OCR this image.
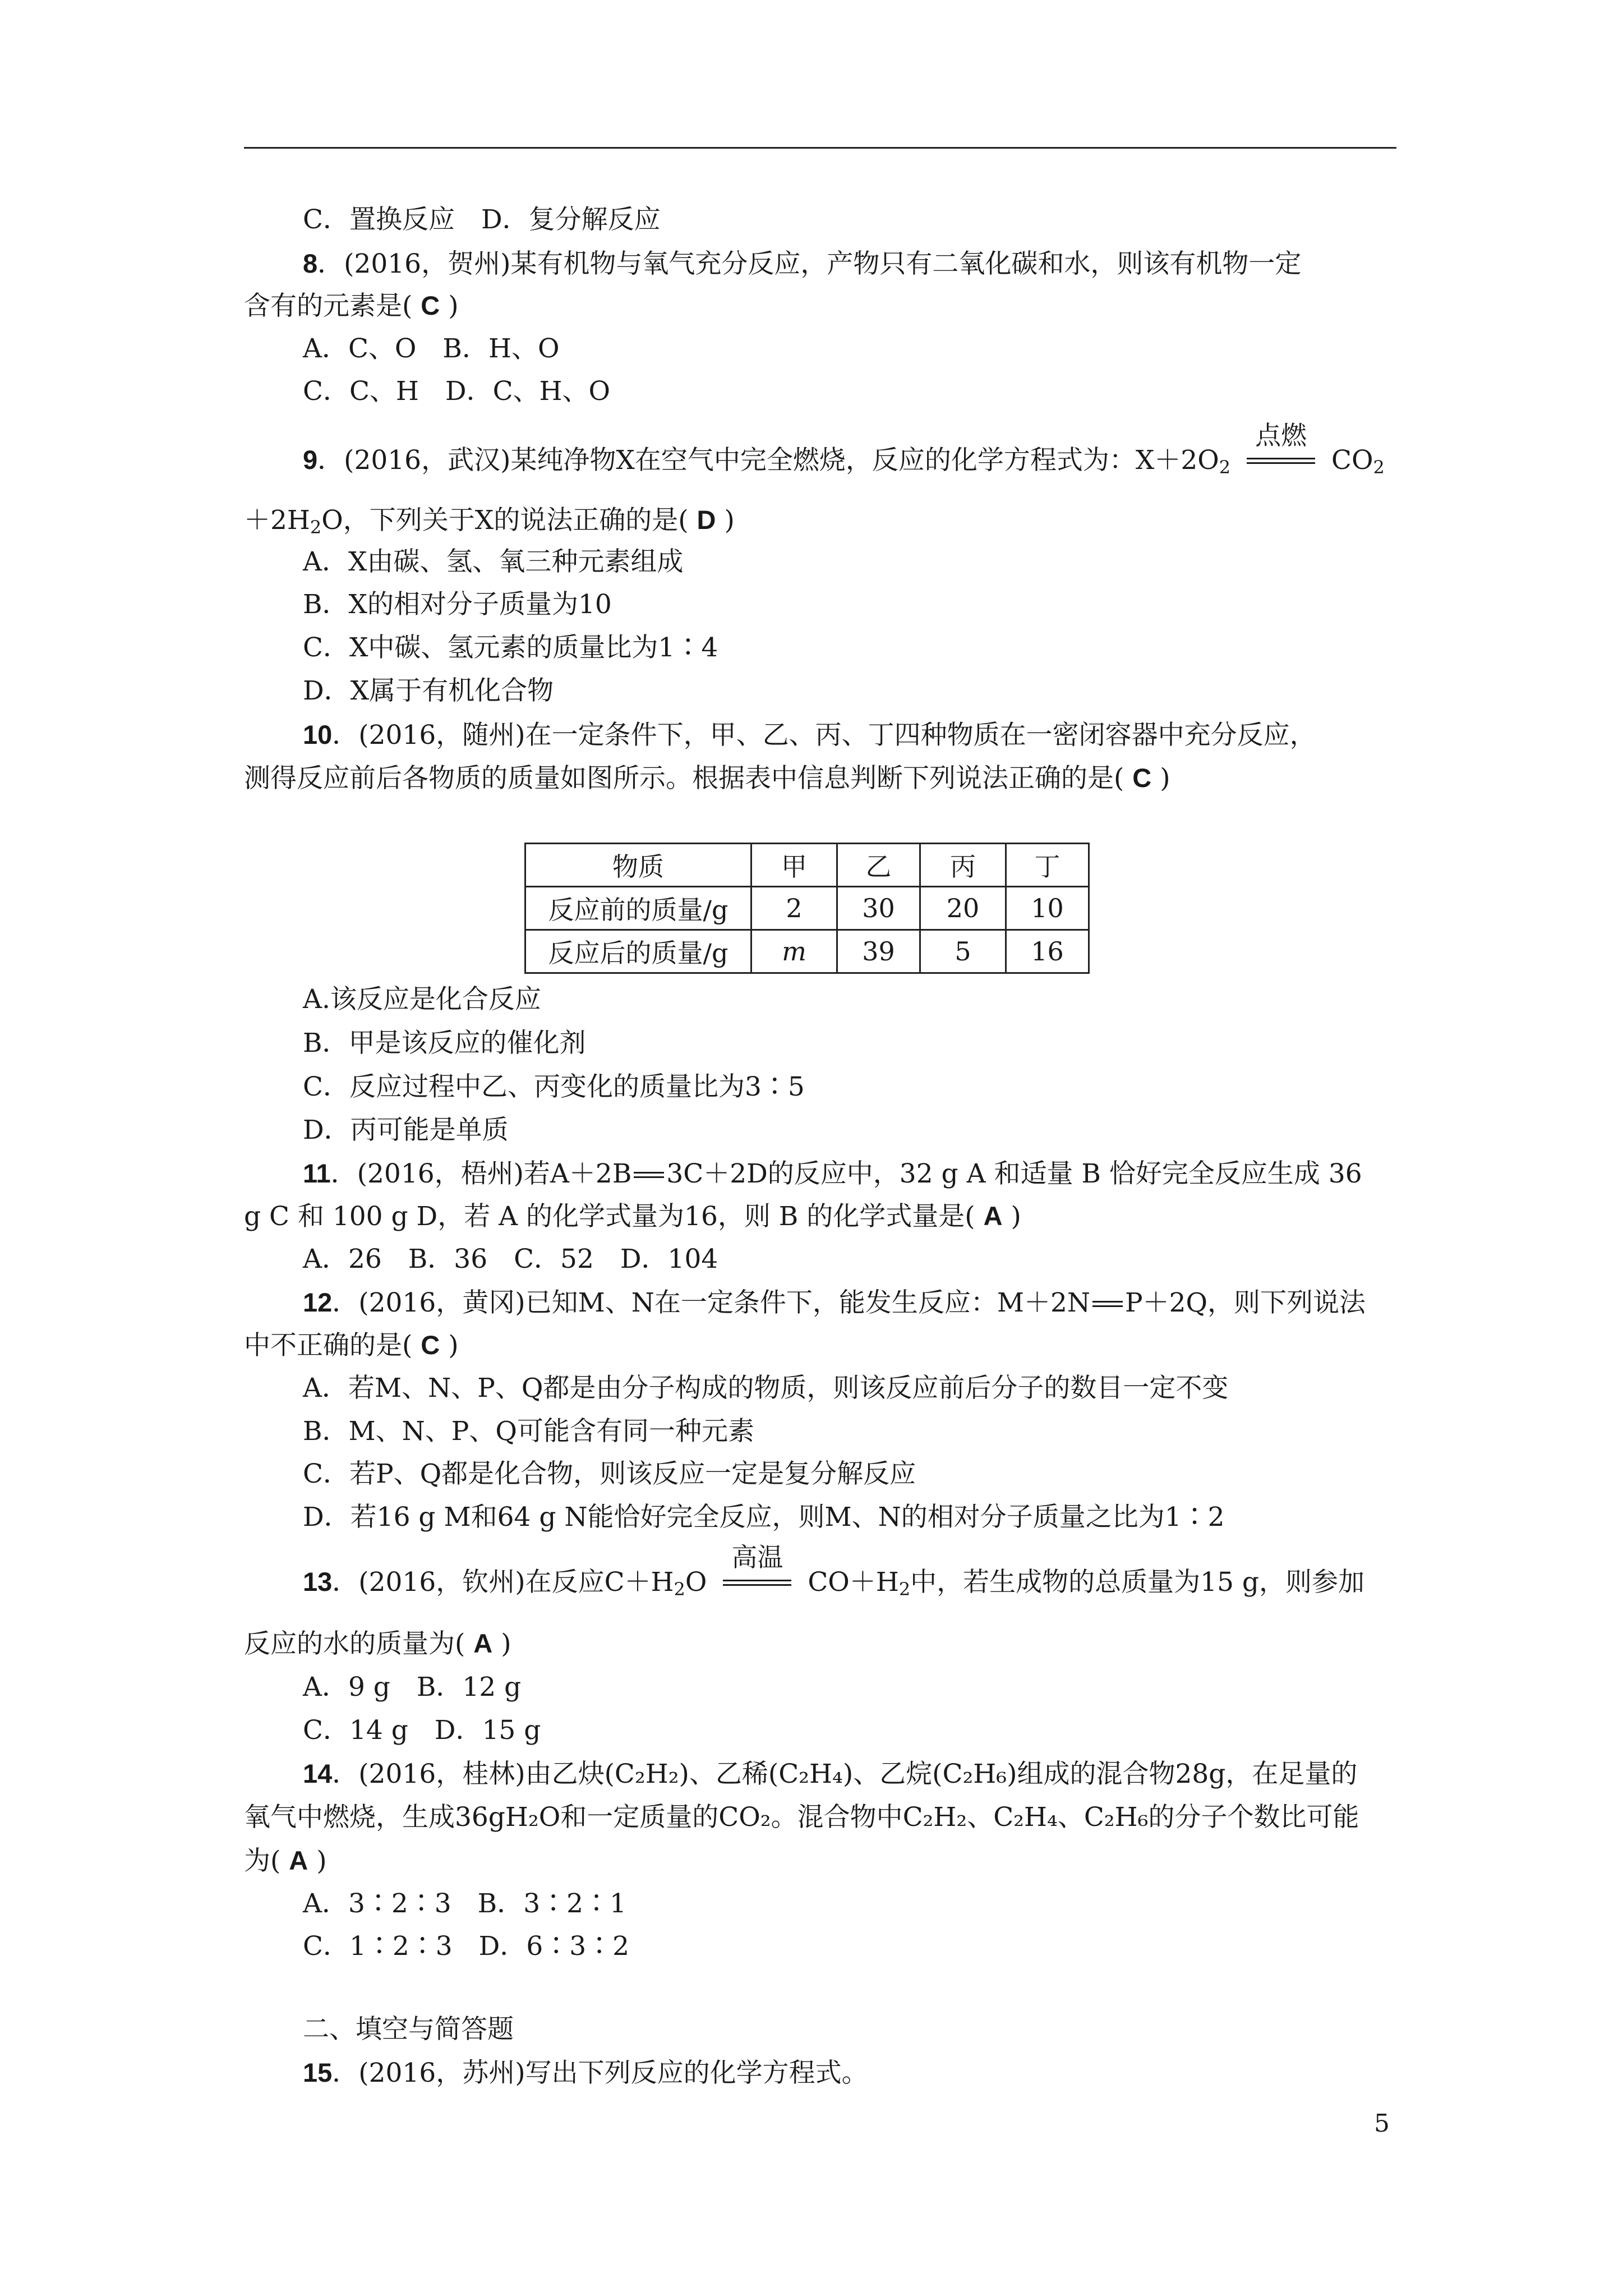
C．置换反应　D．复分解反应
8．(2016，贺州)某有机物与氧气充分反应，产物只有二氧化碳和水，则该有机物一定
含有的元素是( C )
A．C、O　B．H、O
C．C、H　D．C、H、O
9．(2016，武汉)某纯净物X在空气中完全燃烧，反应的化学方程式为：$X+2O_2$
点燃
$CO_2$
$+2H_2O$，下列关于X的说法正确的是( D )
A．X由碳、氢、氧三种元素组成
B．X的相对分子质量为10
C．X中碳、氢元素的质量比为1∶4
D．X属于有机化合物
10．(2016，随州)在一定条件下，甲、乙、丙、丁四种物质在一密闭容器中充分反应，
测得反应前后各物质的质量如图所示。根据表中信息判断下列说法正确的是( C )
物质	甲	乙	丙	丁
反应前的质量/g	2	30	20	10
反应后的质量/g	m	39	5	16
A.该反应是化合反应
B．甲是该反应的催化剂
C．反应过程中乙、丙变化的质量比为3∶5
D．丙可能是单质
11．(2016，梧州)若A＋2B 3C＋2D的反应中，32 g A 和适量 B 恰好完全反应生成 36
g C 和 100 g D，若 A 的化学式量为16，则 B 的化学式量是( A )
A．26　B．36　C．52　D．104
12．(2016，黄冈)已知M、N在一定条件下，能发生反应：M＋2N P＋2Q，则下列说法
中不正确的是( C )
A．若M、N、P、Q都是由分子构成的物质，则该反应前后分子的数目一定不变
B．M、N、P、Q可能含有同一种元素
C．若P、Q都是化合物，则该反应一定是复分解反应
D．若16 g M和64 g N能恰好完全反应，则M、N的相对分子质量之比为1∶2
13．(2016，钦州)在反应$C+H_2O$
高温
$CO+H_2$中，若生成物的总质量为15 g，则参加
反应的水的质量为( A )
A．9 g　B．12 g
C．14 g　D．15 g
14．(2016，桂林)由乙炔(C₂H₂)、乙稀(C₂H₄)、乙烷(C₂H₆)组成的混合物28g，在足量的
氧气中燃烧，生成36gH₂O和一定质量的CO₂。混合物中C₂H₂、C₂H₄、C₂H₆的分子个数比可能
为( A )
A．3∶2∶3　B．3∶2∶1
C．1∶2∶3　D．6∶3∶2
二、填空与简答题
15．(2016，苏州)写出下列反应的化学方程式。
5
